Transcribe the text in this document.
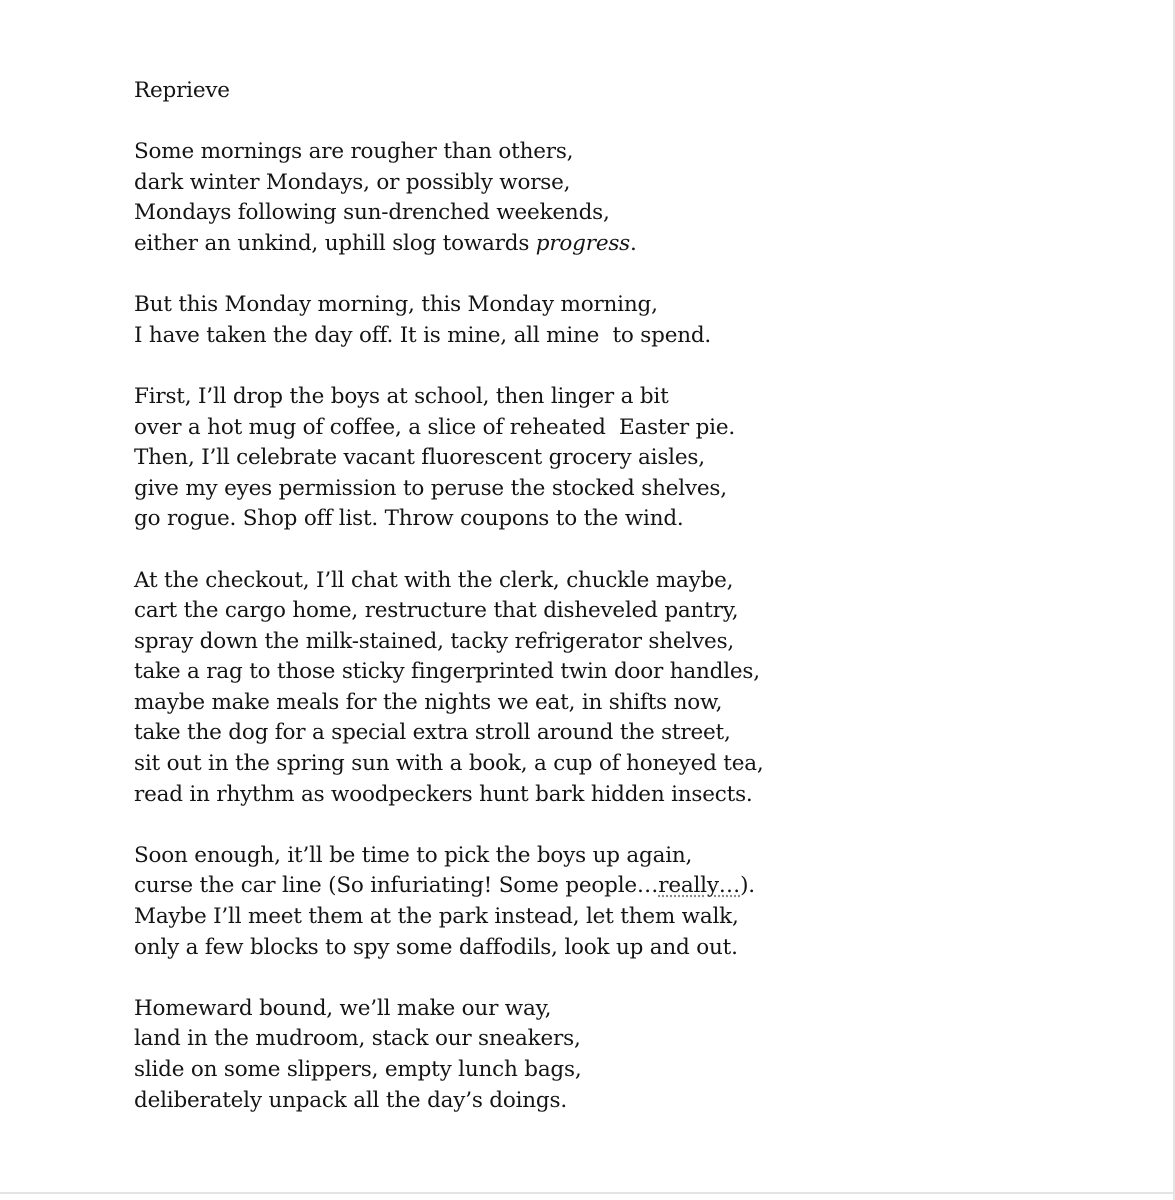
Reprieve

Some mornings are rougher than others,
dark winter Mondays, or possibly worse,
Mondays following sun-drenched weekends,
either an unkind, uphill slog towards progress.

But this Monday morning, this Monday morning,
I have taken the day off. It is mine, all mine  to spend.

First, I’ll drop the boys at school, then linger a bit
over a hot mug of coffee, a slice of reheated  Easter pie.
Then, I’ll celebrate vacant fluorescent grocery aisles,
give my eyes permission to peruse the stocked shelves,
go rogue. Shop off list. Throw coupons to the wind.

At the checkout, I’ll chat with the clerk, chuckle maybe,
cart the cargo home, restructure that disheveled pantry,
spray down the milk-stained, tacky refrigerator shelves,
take a rag to those sticky fingerprinted twin door handles,
maybe make meals for the nights we eat, in shifts now,
take the dog for a special extra stroll around the street,
sit out in the spring sun with a book, a cup of honeyed tea,
read in rhythm as woodpeckers hunt bark hidden insects.

Soon enough, it’ll be time to pick the boys up again,
curse the car line (So infuriating! Some people…really…).
Maybe I’ll meet them at the park instead, let them walk,
only a few blocks to spy some daffodils, look up and out.

Homeward bound, we’ll make our way,
land in the mudroom, stack our sneakers,
slide on some slippers, empty lunch bags,
deliberately unpack all the day’s doings.
